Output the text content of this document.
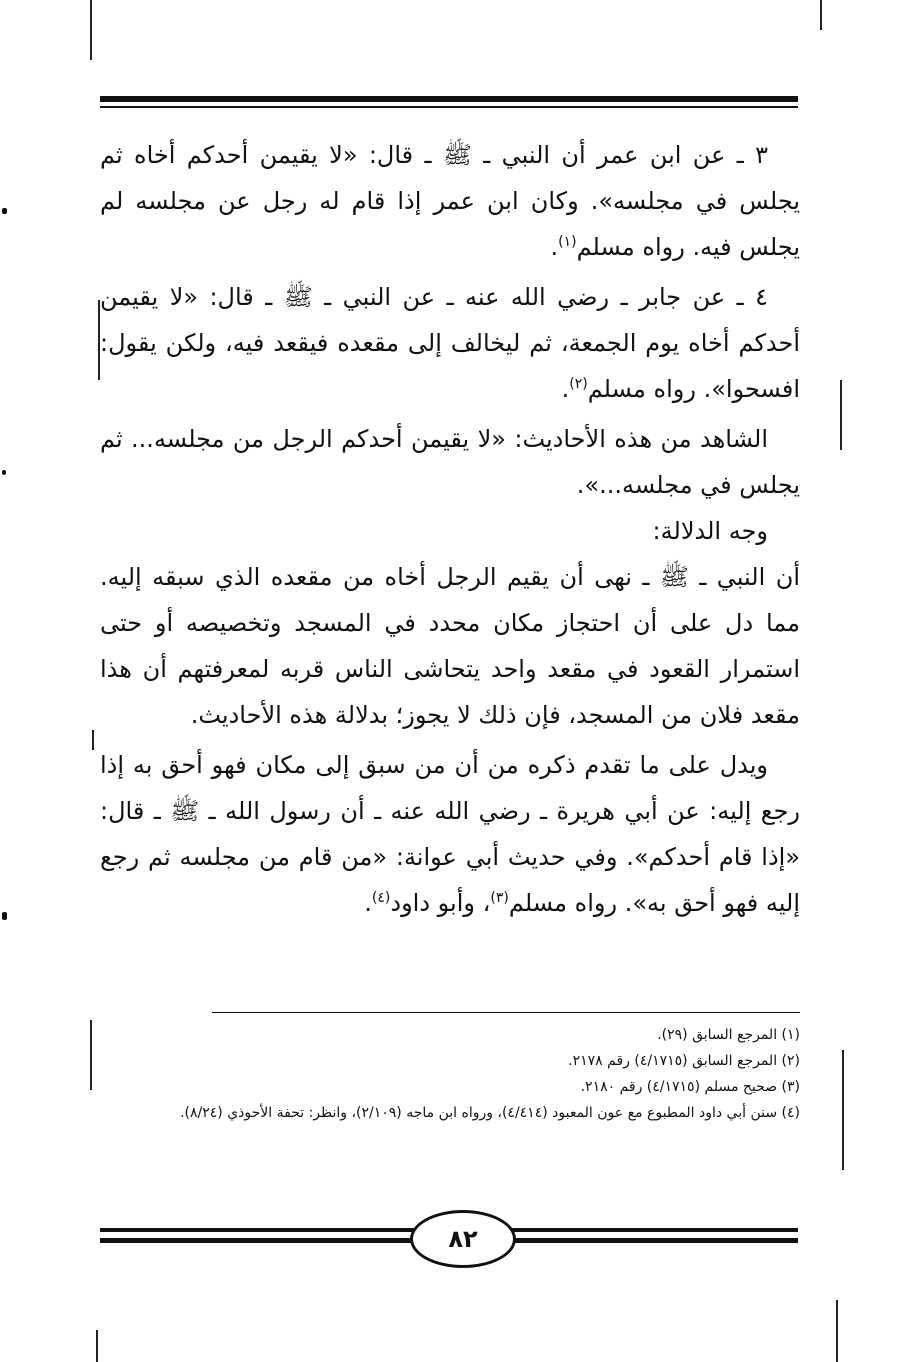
٣ ـ عن ابن عمر أن النبي ـ ﷺ ـ قال: «لا يقيمن أحدكم أخاه ثم يجلس في مجلسه». وكان ابن عمر إذا قام له رجل عن مجلسه لم يجلس فيه. رواه مسلم$^{(١)}$.

٤ ـ عن جابر ـ رضي الله عنه ـ عن النبي ـ ﷺ ـ قال: «لا يقيمن أحدكم أخاه يوم الجمعة، ثم ليخالف إلى مقعده فيقعد فيه، ولكن يقول: افسحوا». رواه مسلم$^{(٢)}$.

الشاهد من هذه الأحاديث: «لا يقيمن أحدكم الرجل من مجلسه... ثم يجلس في مجلسه...».

وجه الدلالة:

أن النبي ـ ﷺ ـ نهى أن يقيم الرجل أخاه من مقعده الذي سبقه إليه. مما دل على أن احتجاز مكان محدد في المسجد وتخصيصه أو حتى استمرار القعود في مقعد واحد يتحاشى الناس قربه لمعرفتهم أن هذا مقعد فلان من المسجد، فإن ذلك لا يجوز؛ بدلالة هذه الأحاديث.

ويدل على ما تقدم ذكره من أن من سبق إلى مكان فهو أحق به إذا رجع إليه: عن أبي هريرة ـ رضي الله عنه ـ أن رسول الله ـ ﷺ ـ قال: «إذا قام أحدكم». وفي حديث أبي عوانة: «من قام من مجلسه ثم رجع إليه فهو أحق به». رواه مسلم$^{(٣)}$، وأبو داود$^{(٤)}$.

(١) المرجع السابق (٢٩).
(٢) المرجع السابق (٤/١٧١٥) رقم ٢١٧٨.
(٣) صحيح مسلم (٤/١٧١٥) رقم ٢١٨٠.
(٤) سنن أبي داود المطبوع مع عون المعبود (٤/٤١٤)، ورواه ابن ماجه (٢/١٠٩)، وانظر: تحفة الأحوذي (٨/٢٤).
٨٢
